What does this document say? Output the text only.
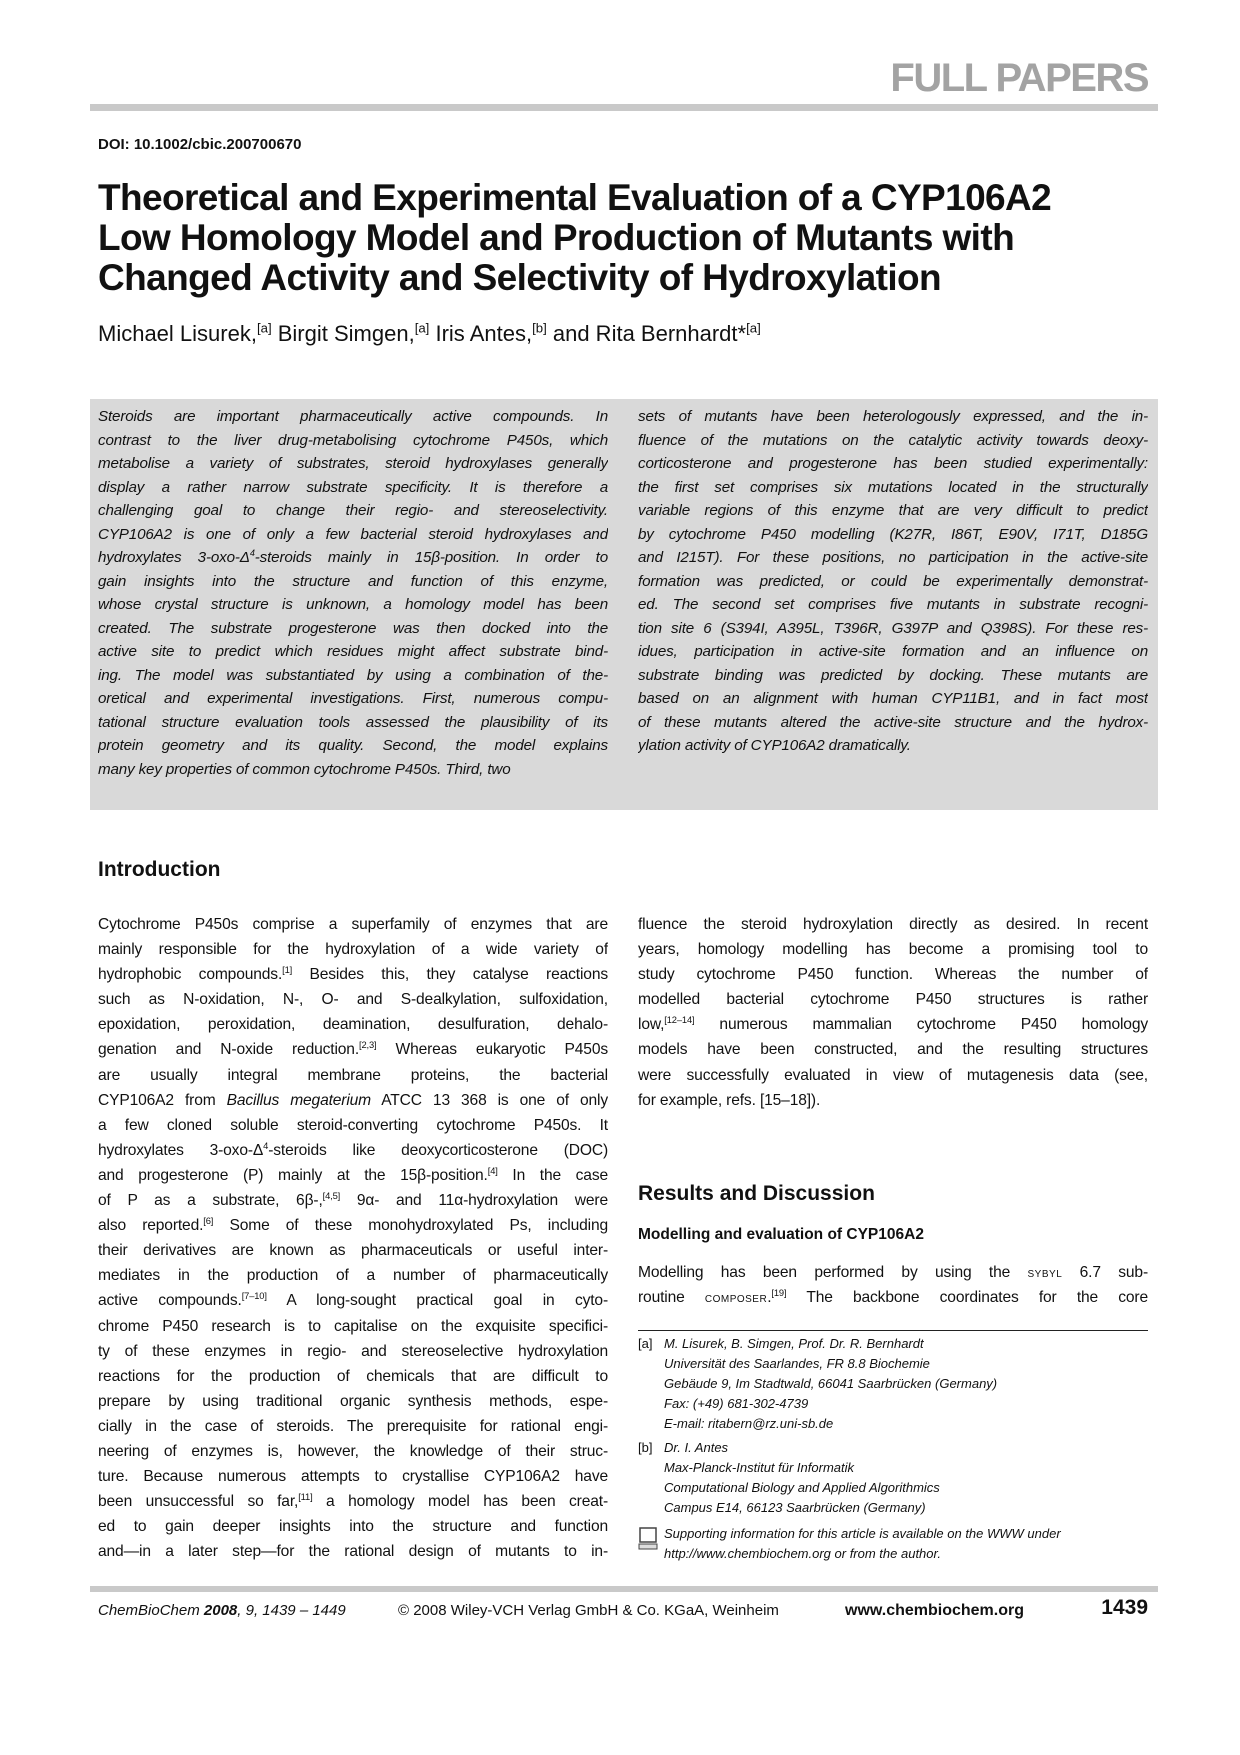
FULL PAPERS
DOI: 10.1002/cbic.200700670
Theoretical and Experimental Evaluation of a CYP106A2
Low Homology Model and Production of Mutants with
Changed Activity and Selectivity of Hydroxylation
Michael Lisurek,[a] Birgit Simgen,[a] Iris Antes,[b] and Rita Bernhardt*[a]
Steroids are important pharmaceutically active compounds. In
contrast to the liver drug-metabolising cytochrome P450s, which
metabolise a variety of substrates, steroid hydroxylases generally
display a rather narrow substrate specificity. It is therefore a
challenging goal to change their regio- and stereoselectivity.
CYP106A2 is one of only a few bacterial steroid hydroxylases and
hydroxylates $3-oxo-\Delta^4$-steroids mainly in 15β-position. In order to
gain insights into the structure and function of this enzyme,
whose crystal structure is unknown, a homology model has been
created. The substrate progesterone was then docked into the
active site to predict which residues might affect substrate bind-
ing. The model was substantiated by using a combination of the-
oretical and experimental investigations. First, numerous compu-
tational structure evaluation tools assessed the plausibility of its
protein geometry and its quality. Second, the model explains
many key properties of common cytochrome P450s. Third, two
sets of mutants have been heterologously expressed, and the in-
fluence of the mutations on the catalytic activity towards deoxy-
corticosterone and progesterone has been studied experimentally:
the first set comprises six mutations located in the structurally
variable regions of this enzyme that are very difficult to predict
by cytochrome P450 modelling (K27R, I86T, E90V, I71T, D185G
and I215T). For these positions, no participation in the active-site
formation was predicted, or could be experimentally demonstrat-
ed. The second set comprises five mutants in substrate recogni-
tion site 6 (S394I, A395L, T396R, G397P and Q398S). For these res-
idues, participation in active-site formation and an influence on
substrate binding was predicted by docking. These mutants are
based on an alignment with human CYP11B1, and in fact most
of these mutants altered the active-site structure and the hydrox-
ylation activity of CYP106A2 dramatically.
Introduction
Cytochrome P450s comprise a superfamily of enzymes that are
mainly responsible for the hydroxylation of a wide variety of
hydrophobic compounds.[1] Besides this, they catalyse reactions
such as N-oxidation, N-, O- and S-dealkylation, sulfoxidation,
epoxidation, peroxidation, deamination, desulfuration, dehalo-
genation and N-oxide reduction.[2,3] Whereas eukaryotic P450s
are usually integral membrane proteins, the bacterial
CYP106A2 from Bacillus megaterium ATCC 13 368 is one of only
a few cloned soluble steroid-converting cytochrome P450s. It
hydroxylates $3-oxo-\Delta^4$-steroids like deoxycorticosterone (DOC)
and progesterone (P) mainly at the 15β-position.[4] In the case
of P as a substrate, 6β-,[4,5] 9α- and 11α-hydroxylation were
also reported.[6] Some of these monohydroxylated Ps, including
their derivatives are known as pharmaceuticals or useful inter-
mediates in the production of a number of pharmaceutically
active compounds.[7–10] A long-sought practical goal in cyto-
chrome P450 research is to capitalise on the exquisite specifici-
ty of these enzymes in regio- and stereoselective hydroxylation
reactions for the production of chemicals that are difficult to
prepare by using traditional organic synthesis methods, espe-
cially in the case of steroids. The prerequisite for rational engi-
neering of enzymes is, however, the knowledge of their struc-
ture. Because numerous attempts to crystallise CYP106A2 have
been unsuccessful so far,[11] a homology model has been creat-
ed to gain deeper insights into the structure and function
and—in a later step—for the rational design of mutants to in-
fluence the steroid hydroxylation directly as desired. In recent
years, homology modelling has become a promising tool to
study cytochrome P450 function. Whereas the number of
modelled bacterial cytochrome P450 structures is rather
low,[12–14] numerous mammalian cytochrome P450 homology
models have been constructed, and the resulting structures
were successfully evaluated in view of mutagenesis data (see,
for example, refs. [15–18]).
Results and Discussion
Modelling and evaluation of CYP106A2
Modelling has been performed by using the sybyl 6.7 sub-
routine composer.[19] The backbone coordinates for the core
[a] M. Lisurek, B. Simgen, Prof. Dr. R. Bernhardt
Universität des Saarlandes, FR 8.8 Biochemie
Gebäude 9, Im Stadtwald, 66041 Saarbrücken (Germany)
Fax: (+49) 681-302-4739
E-mail: ritabern@rz.uni-sb.de
[b] Dr. I. Antes
Max-Planck-Institut für Informatik
Computational Biology and Applied Algorithmics
Campus E14, 66123 Saarbrücken (Germany)
Supporting information for this article is available on the WWW under
http://www.chembiochem.org or from the author.
ChemBioChem 2008, 9, 1439 – 1449	© 2008 Wiley-VCH Verlag GmbH & Co. KGaA, Weinheim	www.chembiochem.org	1439
